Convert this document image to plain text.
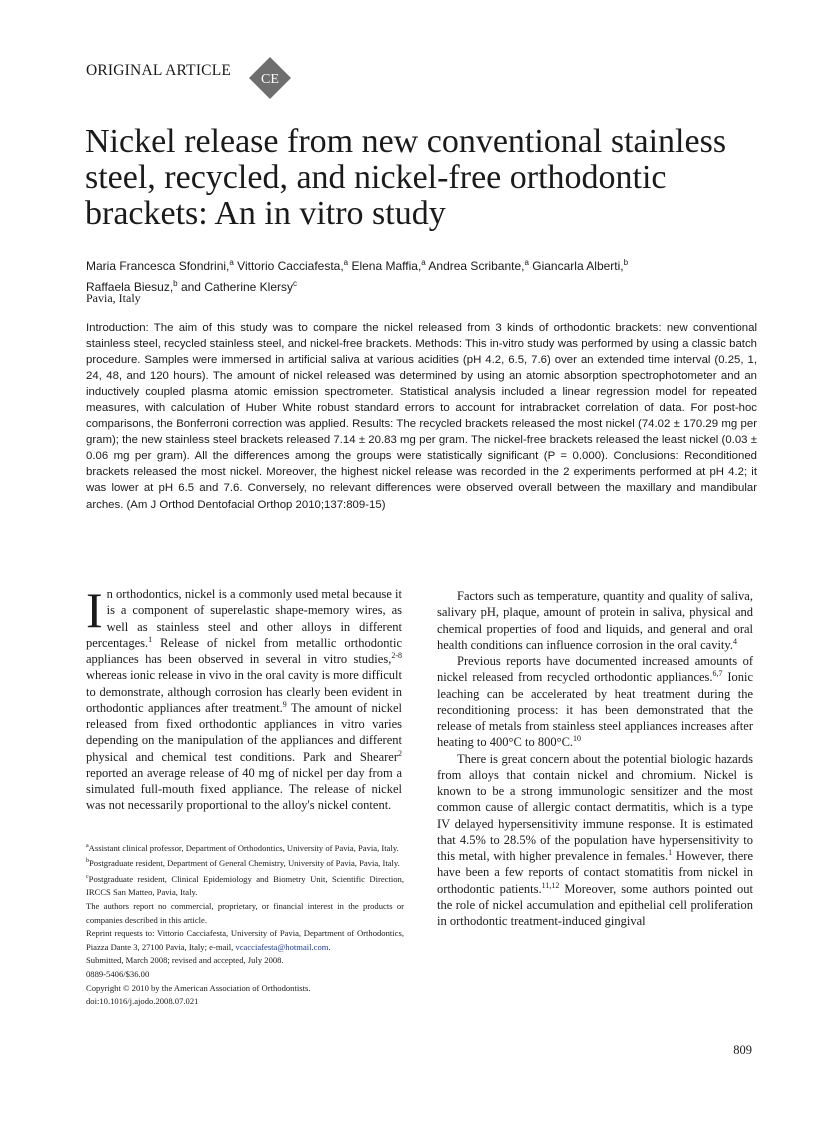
ORIGINAL ARTICLE
CE
Nickel release from new conventional stainless steel, recycled, and nickel-free orthodontic brackets: An in vitro study
Maria Francesca Sfondrini,$^a$ Vittorio Cacciafesta,$^a$ Elena Maffia,$^a$ Andrea Scribante,$^a$ Giancarla Alberti,$^b$
Raffaela Biesuz,$^b$ and Catherine Klersy$^c$
Pavia, Italy

Introduction: The aim of this study was to compare the nickel released from 3 kinds of orthodontic brackets: new conventional stainless steel, recycled stainless steel, and nickel-free brackets. Methods: This in-vitro study was performed by using a classic batch procedure. Samples were immersed in artificial saliva at various acidities (pH 4.2, 6.5, 7.6) over an extended time interval (0.25, 1, 24, 48, and 120 hours). The amount of nickel released was determined by using an atomic absorption spectrophotometer and an inductively coupled plasma atomic emission spectrometer. Statistical analysis included a linear regression model for repeated measures, with calculation of Huber White robust standard errors to account for intrabracket correlation of data. For post-hoc comparisons, the Bonferroni correction was applied. Results: The recycled brackets released the most nickel (74.02 ± 170.29 mg per gram); the new stainless steel brackets released 7.14 ± 20.83 mg per gram. The nickel-free brackets released the least nickel (0.03 ± 0.06 mg per gram). All the differences among the groups were statistically significant (P = 0.000). Conclusions: Reconditioned brackets released the most nickel. Moreover, the highest nickel release was recorded in the 2 experiments performed at pH 4.2; it was lower at pH 6.5 and 7.6. Conversely, no relevant differences were observed overall between the maxillary and mandibular arches. (Am J Orthod Dentofacial Orthop 2010;137:809-15)

In orthodontics, nickel is a commonly used metal because it is a component of superelastic shape-memory wires, as well as stainless steel and other alloys in different percentages.$^1$ Release of nickel from metallic orthodontic appliances has been observed in several in vitro studies,$^{2-8}$ whereas ionic release in vivo in the oral cavity is more difficult to demonstrate, although corrosion has clearly been evident in orthodontic appliances after treatment.$^9$ The amount of nickel released from fixed orthodontic appliances in vitro varies depending on the manipulation of the appliances and different physical and chemical test conditions. Park and Shearer$^2$ reported an average release of 40 mg of nickel per day from a simulated full-mouth fixed appliance. The release of nickel was not necessarily proportional to the alloy's nickel content.

Factors such as temperature, quantity and quality of saliva, salivary pH, plaque, amount of protein in saliva, physical and chemical properties of food and liquids, and general and oral health conditions can influence corrosion in the oral cavity.$^4$

Previous reports have documented increased amounts of nickel released from recycled orthodontic appliances.$^{6,7}$ Ionic leaching can be accelerated by heat treatment during the reconditioning process: it has been demonstrated that the release of metals from stainless steel appliances increases after heating to 400°C to 800°C.$^{10}$

There is great concern about the potential biologic hazards from alloys that contain nickel and chromium. Nickel is known to be a strong immunologic sensitizer and the most common cause of allergic contact dermatitis, which is a type IV delayed hypersensitivity immune response. It is estimated that 4.5% to 28.5% of the population have hypersensitivity to this metal, with higher prevalence in females.$^1$ However, there have been a few reports of contact stomatitis from nickel in orthodontic patients.$^{11,12}$ Moreover, some authors pointed out the role of nickel accumulation and epithelial cell proliferation in orthodontic treatment-induced gingival

$^a$Assistant clinical professor, Department of Orthodontics, University of Pavia, Pavia, Italy.

$^b$Postgraduate resident, Department of General Chemistry, University of Pavia, Pavia, Italy.

$^c$Postgraduate resident, Clinical Epidemiology and Biometry Unit, Scientific Direction, IRCCS San Matteo, Pavia, Italy.

The authors report no commercial, proprietary, or financial interest in the products or companies described in this article.

Reprint requests to: Vittorio Cacciafesta, University of Pavia, Department of Orthodontics, Piazza Dante 3, 27100 Pavia, Italy; e-mail, vcacciafesta@hotmail.com.

Submitted, March 2008; revised and accepted, July 2008.

0889-5406/$36.00

Copyright © 2010 by the American Association of Orthodontists.

doi:10.1016/j.ajodo.2008.07.021

809
